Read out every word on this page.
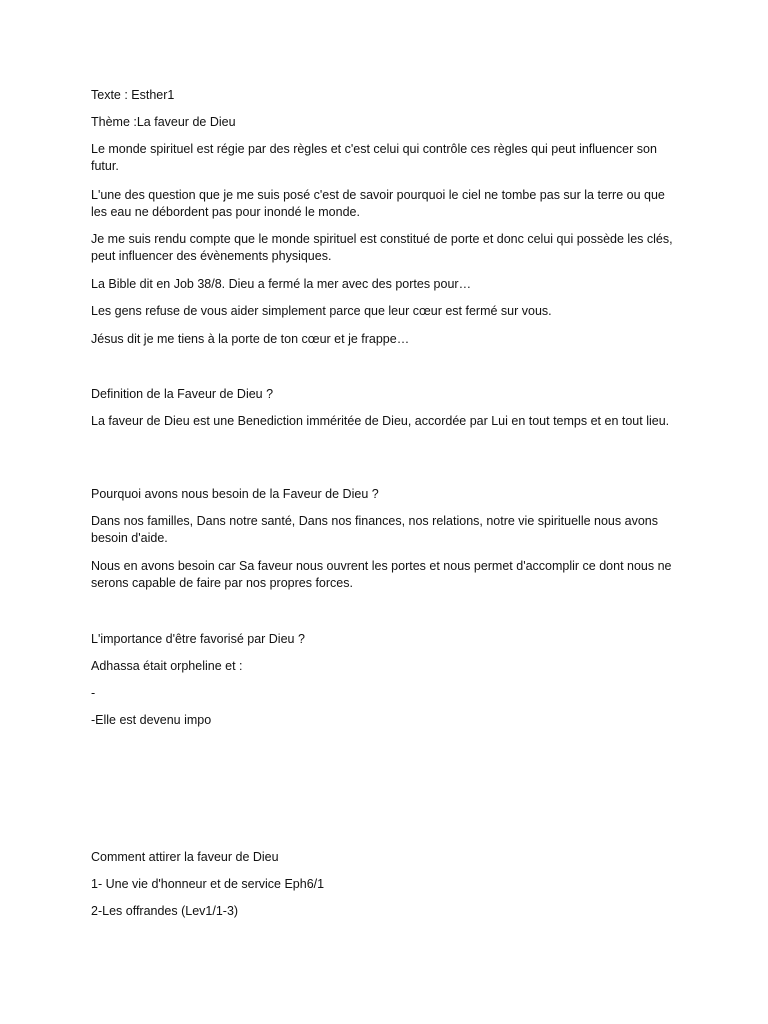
Texte : Esther1
Thème :La faveur de Dieu
Le monde spirituel est régie par des règles et c'est celui qui contrôle ces règles qui peut influencer son futur.
L'une des question que je me suis posé c'est de savoir pourquoi le ciel ne tombe pas sur la terre ou que les eau ne débordent pas pour inondé le monde.
Je me suis rendu compte que le monde spirituel est constitué de porte et donc celui qui possède les clés, peut influencer des évènements physiques.
La Bible dit en Job 38/8. Dieu a fermé la mer avec des portes pour…
Les gens refuse de vous aider simplement parce que leur cœur est fermé sur vous.
Jésus dit je me tiens à la porte de ton cœur et je frappe…
Definition de la Faveur de Dieu ?
La faveur de Dieu est une Benediction imméritée de Dieu, accordée par Lui en tout temps et en tout lieu.
Pourquoi avons nous besoin de la Faveur de Dieu ?
Dans nos familles, Dans notre santé, Dans nos finances, nos relations, notre vie spirituelle nous avons besoin d'aide.
Nous en avons besoin car Sa faveur nous ouvrent les portes et nous permet d'accomplir ce dont nous ne serons capable de faire par nos propres forces.
L'importance d'être favorisé par Dieu ?
Adhassa était orpheline et :
-
-Elle est devenu impo
Comment attirer la faveur de Dieu
1- Une vie d'honneur et de service Eph6/1
2-Les offrandes (Lev1/1-3)
